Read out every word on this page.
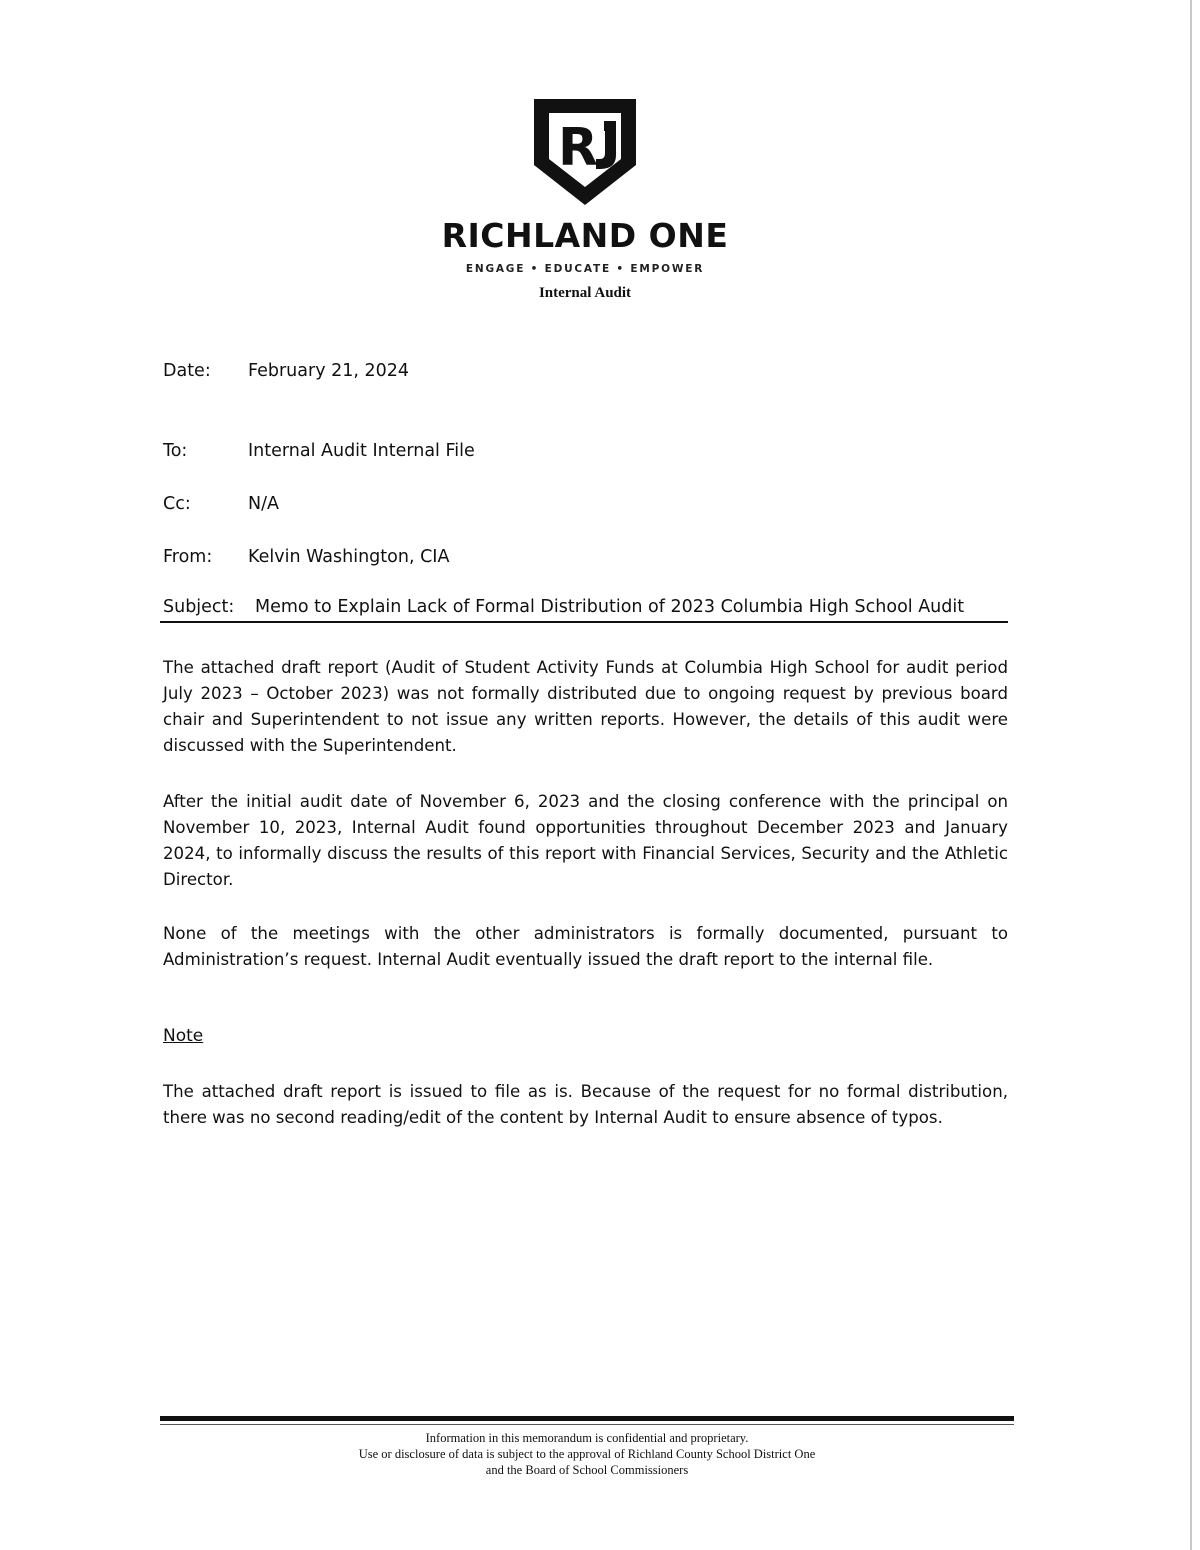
R
RICHLAND ONE
ENGAGE • EDUCATE • EMPOWER
Internal Audit
Date: February 21, 2024
To:	Internal Audit Internal File
Cc:	N/A
From: Kelvin Washington, CIA
Subject: Memo to Explain Lack of Formal Distribution of 2023 Columbia High School Audit

The attached draft report (Audit of Student Activity Funds at Columbia High School for audit period July 2023 – October 2023) was not formally distributed due to ongoing request by previous board chair and Superintendent to not issue any written reports. However, the details of this audit were discussed with the Superintendent.

After the initial audit date of November 6, 2023 and the closing conference with the principal on November 10, 2023, Internal Audit found opportunities throughout December 2023 and January 2024, to informally discuss the results of this report with Financial Services, Security and the Athletic Director.

None of the meetings with the other administrators is formally documented, pursuant to Administration’s request. Internal Audit eventually issued the draft report to the internal file.

Note

The attached draft report is issued to file as is. Because of the request for no formal distribution, there was no second reading/edit of the content by Internal Audit to ensure absence of typos.

Information in this memorandum is confidential and proprietary.
Use or disclosure of data is subject to the approval of Richland County School District One
and the Board of School Commissioners
